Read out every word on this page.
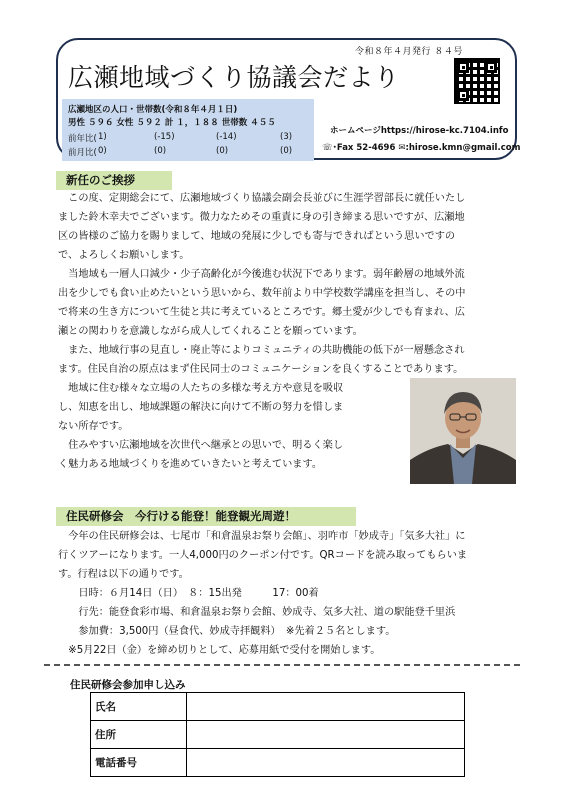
令和８年４月発行 ８４号
広瀬地域づくり協議会だより
広瀬地区の人口・世帯数(令和８年４月１日)
男性 ５９６ 女性 ５９２ 計 １，１８８ 世帯数 ４５５
前年比( 1)	(-15)	(-14)	(3)
前月比( 0)	(0)	(0)	(0)
ホームページhttps://hirose-kc.7104.info
☏･Fax 52-4696 ✉:hirose.kmn@gmail.com
新任のご挨拶

　この度、定期総会にて、広瀬地域づくり協議会副会長並びに生涯学習部長に就任いたし

ました鈴木幸夫でございます。微力なためその重責に身の引き締まる思いですが、広瀬地

区の皆様のご協力を賜りまして、地域の発展に少しでも寄与できればという思いですの

で、よろしくお願いします。

　当地域も一層人口減少・少子高齢化が今後進む状況下であります。弱年齢層の地域外流

出を少しでも食い止めたいという思いから、数年前より中学校数学講座を担当し、その中

で将来の生き方について生徒と共に考えているところです。郷土愛が少しでも育まれ、広

瀬との関わりを意識しながら成人してくれることを願っています。

　また、地域行事の見直し・廃止等によりコミュニティの共助機能の低下が一層懸念され

ます。住民自治の原点はまず住民同士のコミュニケーションを良くすることであります。

　地域に住む様々な立場の人たちの多様な考え方や意見を吸収

し、知恵を出し、地域課題の解決に向けて不断の努力を惜しま

ない所存です。

　住みやすい広瀬地域を次世代へ継承との思いで、明るく楽し

く魅力ある地域づくりを進めていきたいと考えています。

住民研修会　今行ける能登！能登観光周遊！

　今年の住民研修会は、七尾市「和倉温泉お祭り会館」、羽咋市「妙成寺」「気多大社」に

行くツアーになります。一人4,000円のクーポン付です。QRコードを読み取ってもらいま

す。行程は以下の通りです。

　　日時：６月14日（日）　８：15出発　　　17：00着

　　行先：能登食彩市場、和倉温泉お祭り会館、妙成寺、気多大社、道の駅能登千里浜

　　参加費：3,500円（昼食代、妙成寺拝観料）　※先着２５名とします。

　※5月22日（金）を締め切りとして、応募用紙で受付を開始します。

住民研修会参加申し込み
氏名	
住所	
電話番号	
